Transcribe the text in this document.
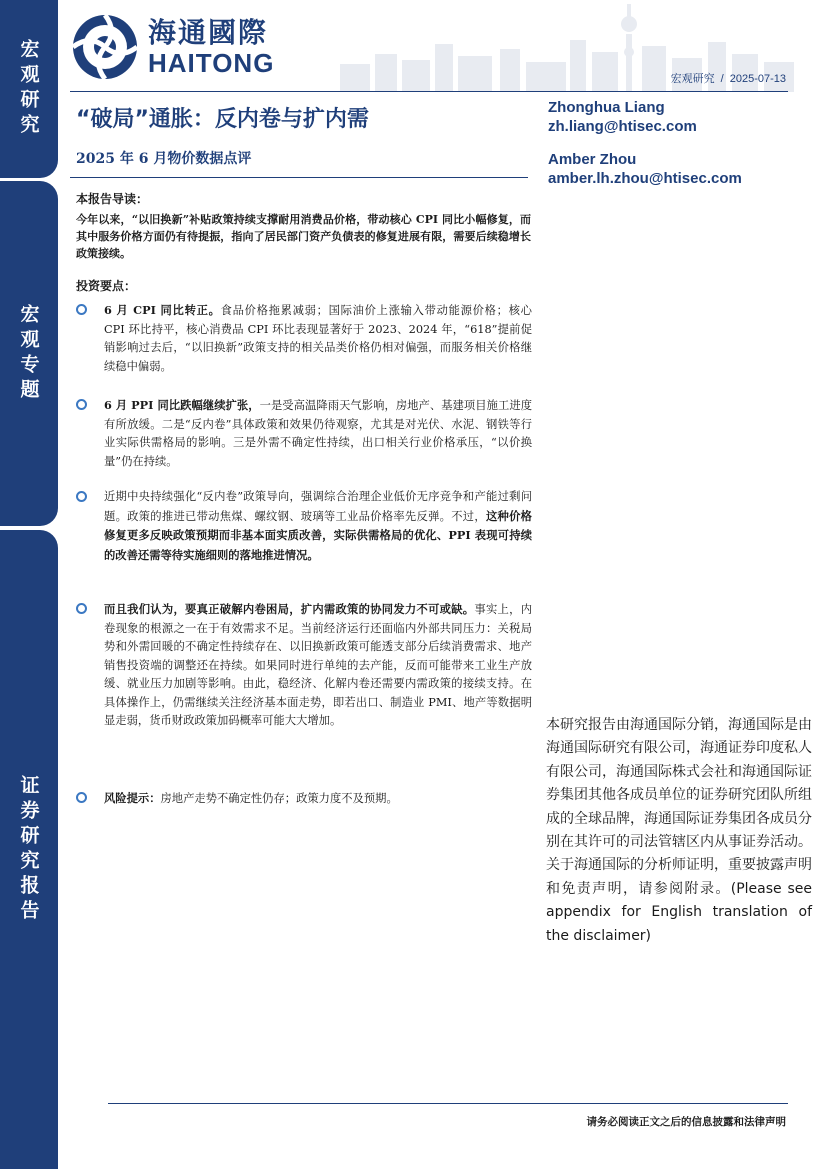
宏观研究
宏观专题
证券研究报告
海通國際
HAITONG
宏观研究 / 2025-07-13
“破局”通胀：反内卷与扩内需
2025 年 6 月物价数据点评
Zhonghua Liang
zh.liang@htisec.com
Amber Zhou
amber.lh.zhou@htisec.com
本报告导读：
今年以来，“以旧换新”补贴政策持续支撑耐用消费品价格，带动核心 CPI 同比小幅修复，而其中服务价格方面仍有待提振，指向了居民部门资产负债表的修复进展有限，需要后续稳增长政策接续。
投资要点：
6 月 CPI 同比转正。食品价格拖累减弱；国际油价上涨输入带动能源价格；核心 CPI 环比持平，核心消费品 CPI 环比表现显著好于 2023、2024 年，“618”提前促销影响过去后，“以旧换新”政策支持的相关品类价格仍相对偏强，而服务相关价格继续稳中偏弱。
6 月 PPI 同比跌幅继续扩张，一是受高温降雨天气影响，房地产、基建项目施工进度有所放缓。二是“反内卷”具体政策和效果仍待观察，尤其是对光伏、水泥、钢铁等行业实际供需格局的影响。三是外需不确定性持续，出口相关行业价格承压，“以价换量”仍在持续。
近期中央持续强化“反内卷”政策导向，强调综合治理企业低价无序竞争和产能过剩问题。政策的推进已带动焦煤、螺纹钢、玻璃等工业品价格率先反弹。不过，这种价格修复更多反映政策预期而非基本面实质改善，实际供需格局的优化、PPI 表现可持续的改善还需等待实施细则的落地推进情况。
而且我们认为，要真正破解内卷困局，扩内需政策的协同发力不可或缺。事实上，内卷现象的根源之一在于有效需求不足。当前经济运行还面临内外部共同压力：关税局势和外需回暖的不确定性持续存在、以旧换新政策可能透支部分后续消费需求、地产销售投资端的调整还在持续。如果同时进行单纯的去产能，反而可能带来工业生产放缓、就业压力加剧等影响。由此，稳经济、化解内卷还需要内需政策的接续支持。在具体操作上，仍需继续关注经济基本面走势，即若出口、制造业 PMI、地产等数据明显走弱，货币财政政策加码概率可能大大增加。
风险提示：房地产走势不确定性仍存；政策力度不及预期。
本研究报告由海通国际分销，海通国际是由海通国际研究有限公司，海通证券印度私人有限公司，海通国际株式会社和海通国际证券集团其他各成员单位的证券研究团队所组成的全球品牌，海通国际证券集团各成员分别在其许可的司法管辖区内从事证券活动。关于海通国际的分析师证明，重要披露声明和免责声明，请参阅附录。(Please see appendix for English translation of the disclaimer)
请务必阅读正文之后的信息披露和法律声明
